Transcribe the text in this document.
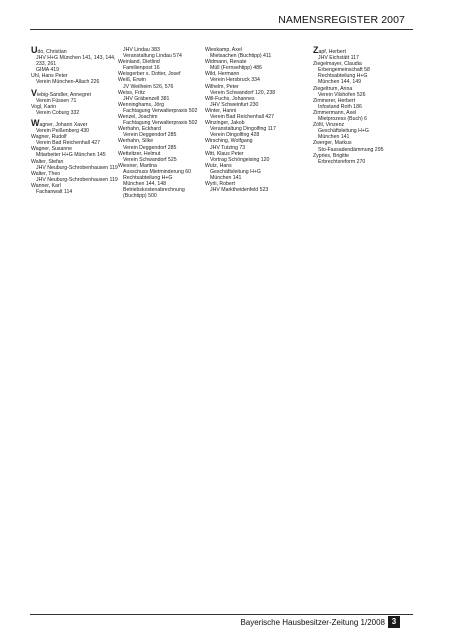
NAMENSREGISTER 2007
Udo, Christian
JHV H+G München 141, 143, 144,
233, 261
GIMA 419
Uhl, Hans Peter
Verein München-Allach 226
Viebig-Sandler, Annegret
Verein Füssen 71
Vogl, Karin
Verein Coburg 332
Wagner, Johann Xaver
Verein Peißenberg 430
Wagner, Rudolf
Verein Bad Reichenhall 427
Wagner, Susanne
Mitarbeiter H+G München 145
Walter, Stefan
JHV Neuburg-Schrobenhausen 119
Walter, Theo
JHV Neuburg-Schrobenhausen 119
Wanner, Karl
Fachanwalt 114
JHV Lindau 383
Veranstaltung Lindau 574
Weinland, Dietlind
Familienpost 16
Weisgerber s. Dotter, Josef
Weiß, Erwin
JV Weilheim 526, 576
Weiss, Fritz
JHV Gräbenzell 381
Wenninghams, Jörg
Fachtagung Verwalterpraxis 502
Wenzel, Joachim
Fachtagung Verwalterpraxis 502
Werhahn, Eckhard
Verein Deggendorf 285
Werhahn, Silke
Verein Deggendorf 285
Wetteltzer, Helmut
Verein Schwandorf 525
Wiesner, Martina
Ausschuss Mietminderung 60
Rechtsabteilung H+G
München 144, 148
Betriebskostenabrechnung
(Buchtipp) 500
Wieskamp, Axel
Mietsachen (Buchtipp) 411
Widmann, Renate
Müll (Fernsehtipp) 486
Wild, Hermann
Verein Hersbruck 334
Wilhelm, Peter
Verein Schwandorf 120, 238
Will-Fuchs, Johannes
JHV Schweinfurt 230
Winter, Hanni
Verein Bad Reichenhall 427
Winzinger, Jakob
Veranstaltung Dingolfing 117
Verein Dingolfing 428
Wirsching, Wolfgang
JHV Tutzing 73
Witt, Klaus Peter
Vortrag Schöngeising 120
Wutz, Hans
Geschäftsleitung H+G
München 141
Wyrli, Robert
JHV Marktheidenfeld 523
Zapf, Herbert
JHV Eichstätt 117
Ziegelmayer, Claudia
Erbengemeinschaft 58
Rechtsabteilung H+G
München 144, 149
Ziegeltrum, Anna
Verein Vilshofen 526
Zimmerer, Herbert
Infostand Roth 186
Zimmermann, Axel
Mietprozess (Buch) 6
Zöltl, Vinzenz
Geschäftsleitung H+G
München 141
Zwerger, Markus
Sto-Fassadendämmung 295
Zypries, Brigitte
Erbrechtsreform 270
Bayerische Hausbesitzer-Zeitung 1/2008 3
